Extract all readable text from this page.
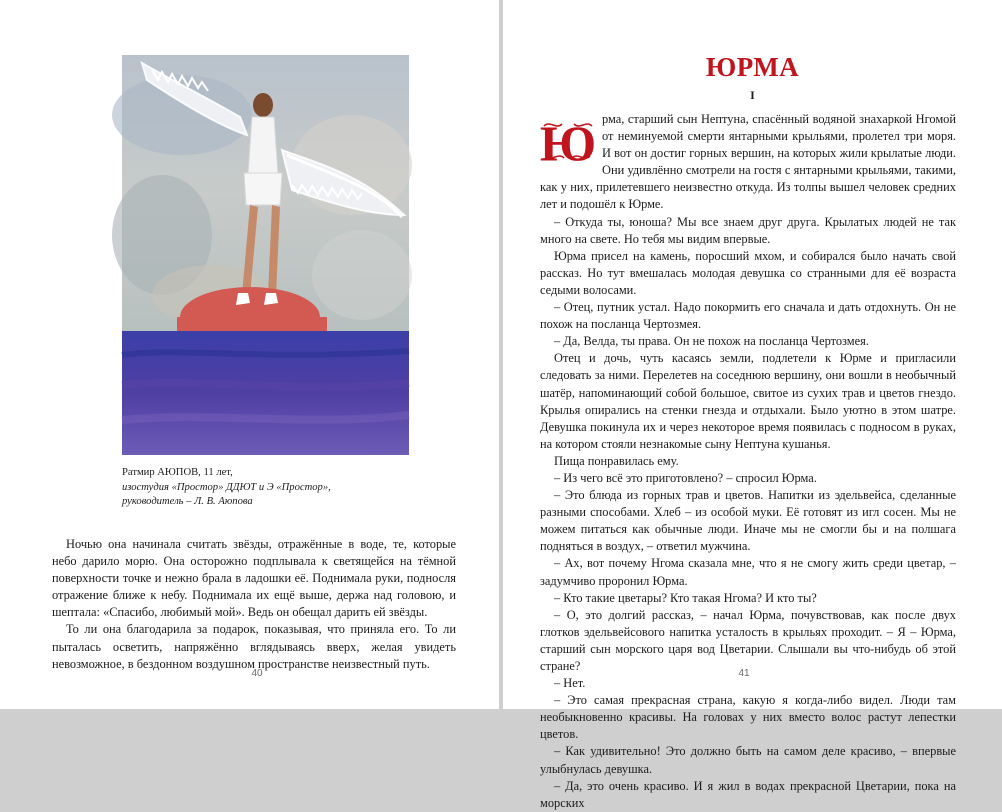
Ратмир АЮПОВ, 11 лет,
изостудия «Простор» ДДЮТ и Э «Простор»,
руководитель – Л. В. Аюпова

Ночью она начинала считать звёзды, отражённые в воде, те, которые небо дарило морю. Она осторожно подплывала к светящейся на тёмной поверхности точке и нежно брала в ладошки её. Поднимала руки, подносля отражение ближе к небу. Поднимала их ещё выше, держа над головою, и шептала: «Спасибо, любимый мой». Ведь он обещал дарить ей звёзды.

То ли она благодарила за подарок, показывая, что приняла его. То ли пыталась осветить, напряжённо вглядываясь вверх, желая увидеть невозможное, в бездонном воздушном пространстве неизвестный путь.

40
ЮРМА
I

Ю рма, старший сын Нептуна, спасённый водяной знахаркой Нгомой от неминуемой смерти янтарными крыльями, пролетел три моря. И вот он достиг горных вершин, на которых жили крылатые люди. Они удивлённо смотрели на гостя с янтарными крыльями, такими, как у них, прилетевшего неизвестно откуда. Из толпы вышел человек средних лет и подошёл к Юрме.

– Откуда ты, юноша? Мы все знаем друг друга. Крылатых людей не так много на свете. Но тебя мы видим впервые.

Юрма присел на камень, поросший мхом, и собирался было начать свой рассказ. Но тут вмешалась молодая девушка со странными для её возраста седыми волосами.

– Отец, путник устал. Надо покормить его сначала и дать отдохнуть. Он не похож на посланца Чертозмея.

– Да, Велда, ты права. Он не похож на посланца Чертозмея.

Отец и дочь, чуть касаясь земли, подлетели к Юрме и пригласили следовать за ними. Перелетев на соседнюю вершину, они вошли в необычный шатёр, напоминающий собой большое, свитое из сухих трав и цветов гнездо. Крылья опирались на стенки гнезда и отдыхали. Было уютно в этом шатре. Девушка покинула их и через некоторое время появилась с подносом в руках, на котором стояли незнакомые сыну Нептуна кушанья.

Пища понравилась ему.

– Из чего всё это приготовлено? – спросил Юрма.

– Это блюда из горных трав и цветов. Напитки из эдельвейса, сделанные разными способами. Хлеб – из особой муки. Её готовят из игл сосен. Мы не можем питаться как обычные люди. Иначе мы не смогли бы и на полшага подняться в воздух, – ответил мужчина.

– Ах, вот почему Нгома сказала мне, что я не смогу жить среди цветар, – задумчиво проронил Юрма.

– Кто такие цветары? Кто такая Нгома? И кто ты?

– О, это долгий рассказ, – начал Юрма, почувствовав, как после двух глотков эдельвейсового напитка усталость в крыльях проходит. – Я – Юрма, старший сын морского царя вод Цветарии. Слышали вы что-нибудь об этой стране?

– Нет.

– Это самая прекрасная страна, какую я когда-либо видел. Люди там необыкновенно красивы. На головах у них вместо волос растут лепестки цветов.

– Как удивительно! Это должно быть на самом деле красиво, – впервые улыбнулась девушка.

– Да, это очень красиво. И я жил в водах прекрасной Цветарии, пока на морских

41
